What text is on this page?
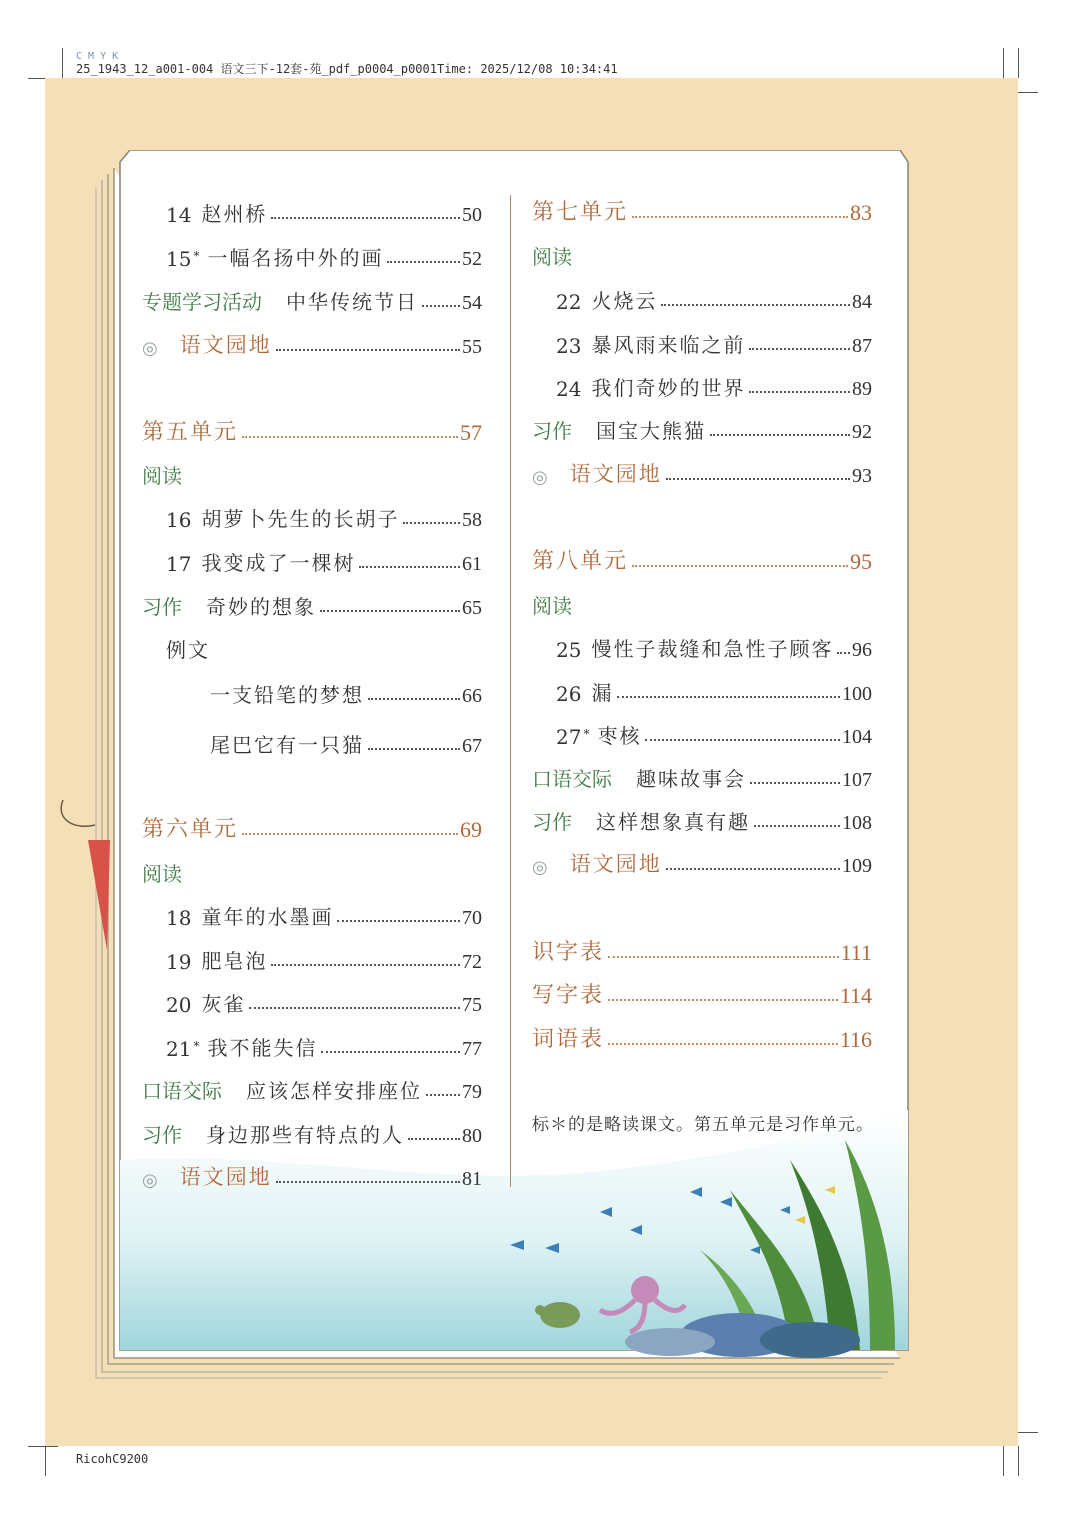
C M Y K
25_1943_12_a001-004 语文三下-12套-苑_pdf_p0004_p0001Time: 2025/12/08 10:34:41
14 赵州桥	50
15 * 一幅名扬中外的画	52
专题学习活动 中华传统节日 54
◎ 语文园地	55
第五单元	57
阅读
16 胡萝卜先生的长胡子	58
17 我变成了一棵树	61
习作 奇妙的想象	65
例文
一支铅笔的梦想	66
尾巴它有一只猫	67
第六单元	69
阅读
18 童年的水墨画	70
19 肥皂泡	72
20 灰雀	75
21 * 我不能失信	77
口语交际 应该怎样安排座位 79
习作 身边那些有特点的人	80
◎ 语文园地	81
第七单元	83
阅读
22 火烧云	84
23 暴风雨来临之前	87
24 我们奇妙的世界	89
习作 国宝大熊猫	92
◎ 语文园地	93
第八单元	95
阅读
25 慢性子裁缝和急性子顾客 96
26 漏	100
27 * 枣核	104
口语交际 趣味故事会	107
习作 这样想象真有趣	108
◎ 语文园地	109
识字表	111
写字表	114
词语表	116
标＊的是略读课文。第五单元是习作单元。
RicohC9200
